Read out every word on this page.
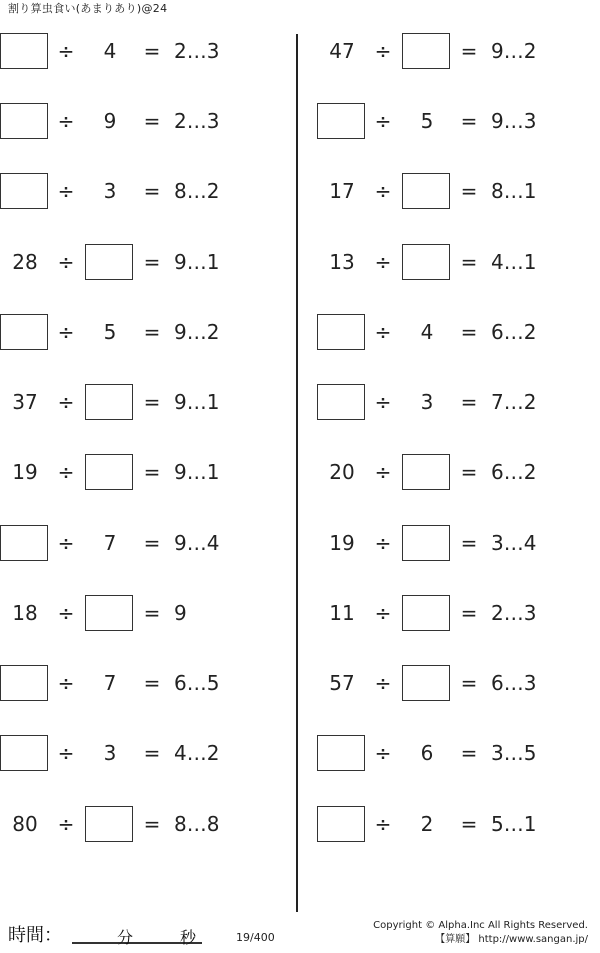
割り算虫食い(あまりあり)@24
÷	4	= 2…3
÷	9	= 2…3
÷	3	= 8…2
28 ÷	= 9…1
÷	5	= 9…2
37 ÷	= 9…1
19 ÷	= 9…1
÷	7	= 9…4
18 ÷	= 9
÷	7	= 6…5
÷	3	= 4…2
80 ÷	= 8…8
47 ÷	= 9…2
÷	5	= 9…3
17 ÷	= 8…1
13 ÷	= 4…1
÷	4	= 6…2
÷	3	= 7…2
20 ÷	= 6…2
19 ÷	= 3…4
11 ÷	= 2…3
57 ÷	= 6…3
÷	6	= 3…5
÷	2	= 5…1
時間：	分	秒	19/400
Copyright © Alpha.Inc All Rights Reserved.
【算願】 http://www.sangan.jp/
